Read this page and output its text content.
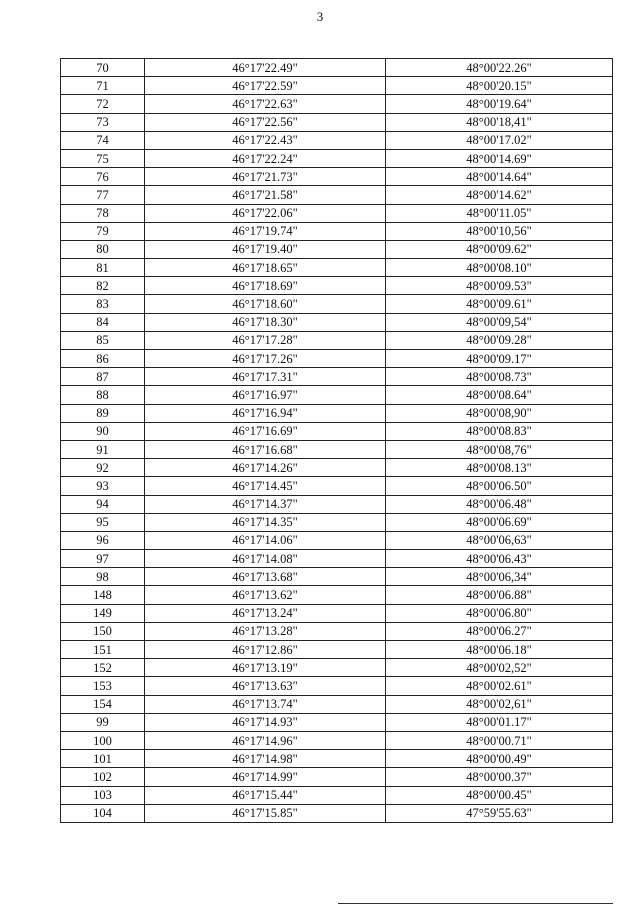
3
70	46°17'22.49"	48°00'22.26"
71	46°17'22.59"	48°00'20.15"
72	46°17'22.63"	48°00'19.64"
73	46°17'22.56"	48°00'18,41"
74	46°17'22.43"	48°00'17.02"
75	46°17'22.24"	48°00'14.69"
76	46°17'21.73"	48°00'14.64"
77	46°17'21.58"	48°00'14.62"
78	46°17'22.06"	48°00'11.05"
79	46°17'19.74"	48°00'10,56"
80	46°17'19.40"	48°00'09.62"
81	46°17'18.65"	48°00'08.10"
82	46°17'18.69"	48°00'09.53"
83	46°17'18.60"	48°00'09.61"
84	46°17'18.30"	48°00'09,54"
85	46°17'17.28"	48°00'09.28"
86	46°17'17.26"	48°00'09.17"
87	46°17'17.31"	48°00'08.73"
88	46°17'16.97"	48°00'08.64"
89	46°17'16.94"	48°00'08,90"
90	46°17'16.69"	48°00'08.83"
91	46°17'16.68"	48°00'08,76"
92	46°17'14.26"	48°00'08.13"
93	46°17'14.45"	48°00'06.50"
94	46°17'14.37"	48°00'06.48"
95	46°17'14.35"	48°00'06.69"
96	46°17'14.06"	48°00'06,63"
97	46°17'14.08"	48°00'06.43"
98	46°17'13.68"	48°00'06,34"
148	46°17'13.62"	48°00'06.88"
149	46°17'13.24"	48°00'06.80"
150	46°17'13.28"	48°00'06.27"
151	46°17'12.86"	48°00'06.18"
152	46°17'13.19"	48°00'02,52"
153	46°17'13.63"	48°00'02.61"
154	46°17'13.74"	48°00'02,61"
99	46°17'14.93"	48°00'01.17"
100	46°17'14.96"	48°00'00.71"
101	46°17'14.98"	48°00'00.49"
102	46°17'14.99"	48°00'00.37"
103	46°17'15.44"	48°00'00.45"
104	46°17'15.85"	47°59'55.63"
